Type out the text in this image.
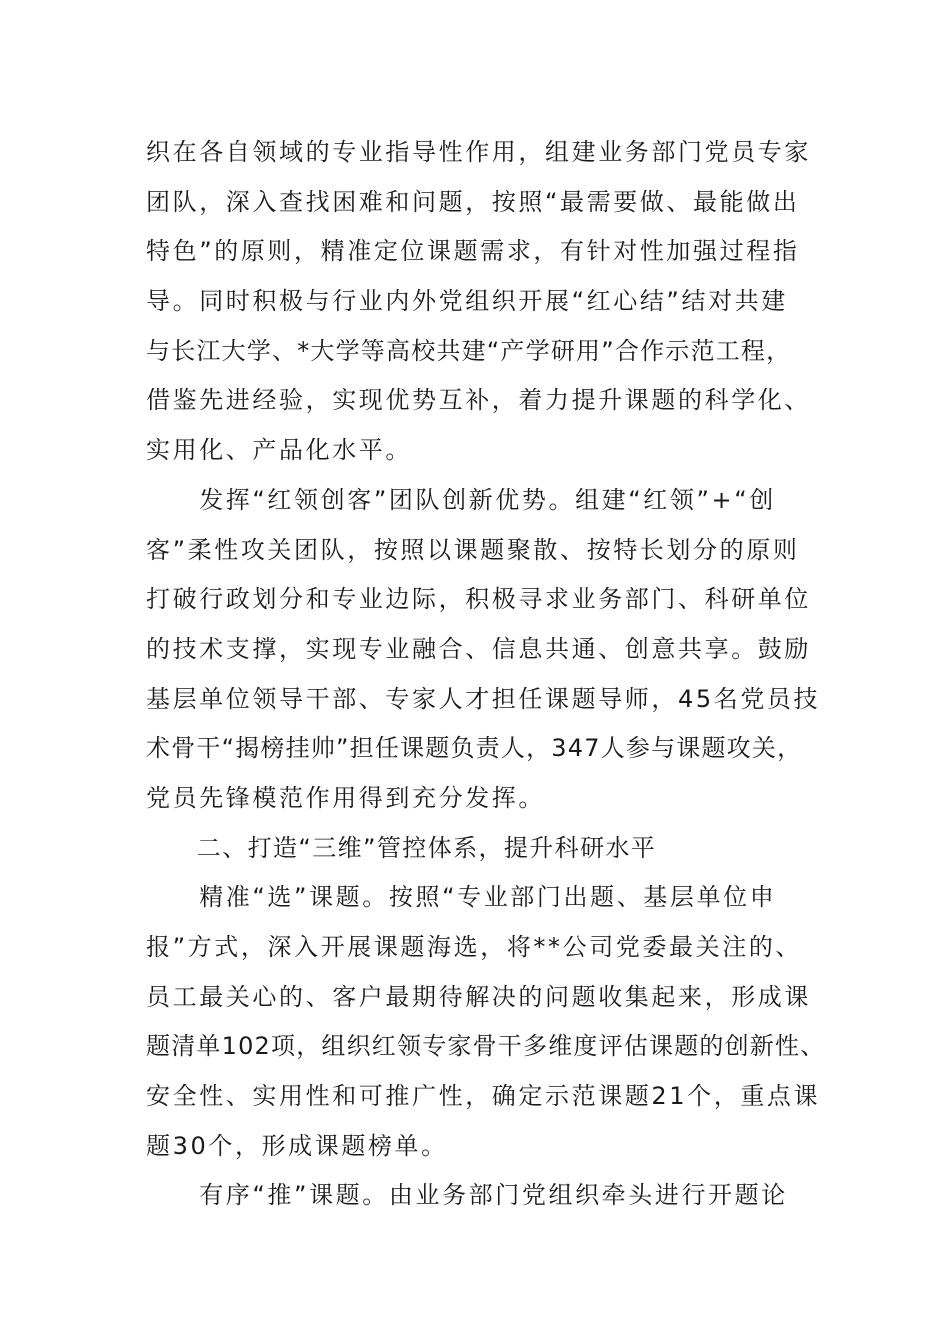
织在各自领域的专业指导性作用，组建业务部门党员专家
团队，深入查找困难和问题，按照“最需要做、最能做出
特色”的原则，精准定位课题需求，有针对性加强过程指
导。同时积极与行业内外党组织开展“红心结”结对共建
与长江大学、*大学等高校共建“产学研用”合作示范工程，
借鉴先进经验，实现优势互补，着力提升课题的科学化、
实用化、产品化水平。
　　发挥“红领创客”团队创新优势。组建“红领”+“创
客”柔性攻关团队，按照以课题聚散、按特长划分的原则
打破行政划分和专业边际，积极寻求业务部门、科研单位
的技术支撑，实现专业融合、信息共通、创意共享。鼓励
基层单位领导干部、专家人才担任课题导师，45名党员技
术骨干“揭榜挂帅”担任课题负责人，347人参与课题攻关，
党员先锋模范作用得到充分发挥。
　　二、打造“三维”管控体系，提升科研水平
　　精准“选”课题。按照“专业部门出题、基层单位申
报”方式，深入开展课题海选，将**公司党委最关注的、
员工最关心的、客户最期待解决的问题收集起来，形成课
题清单102项，组织红领专家骨干多维度评估课题的创新性、
安全性、实用性和可推广性，确定示范课题21个，重点课
题30个，形成课题榜单。
　　有序“推”课题。由业务部门党组织牵头进行开题论
